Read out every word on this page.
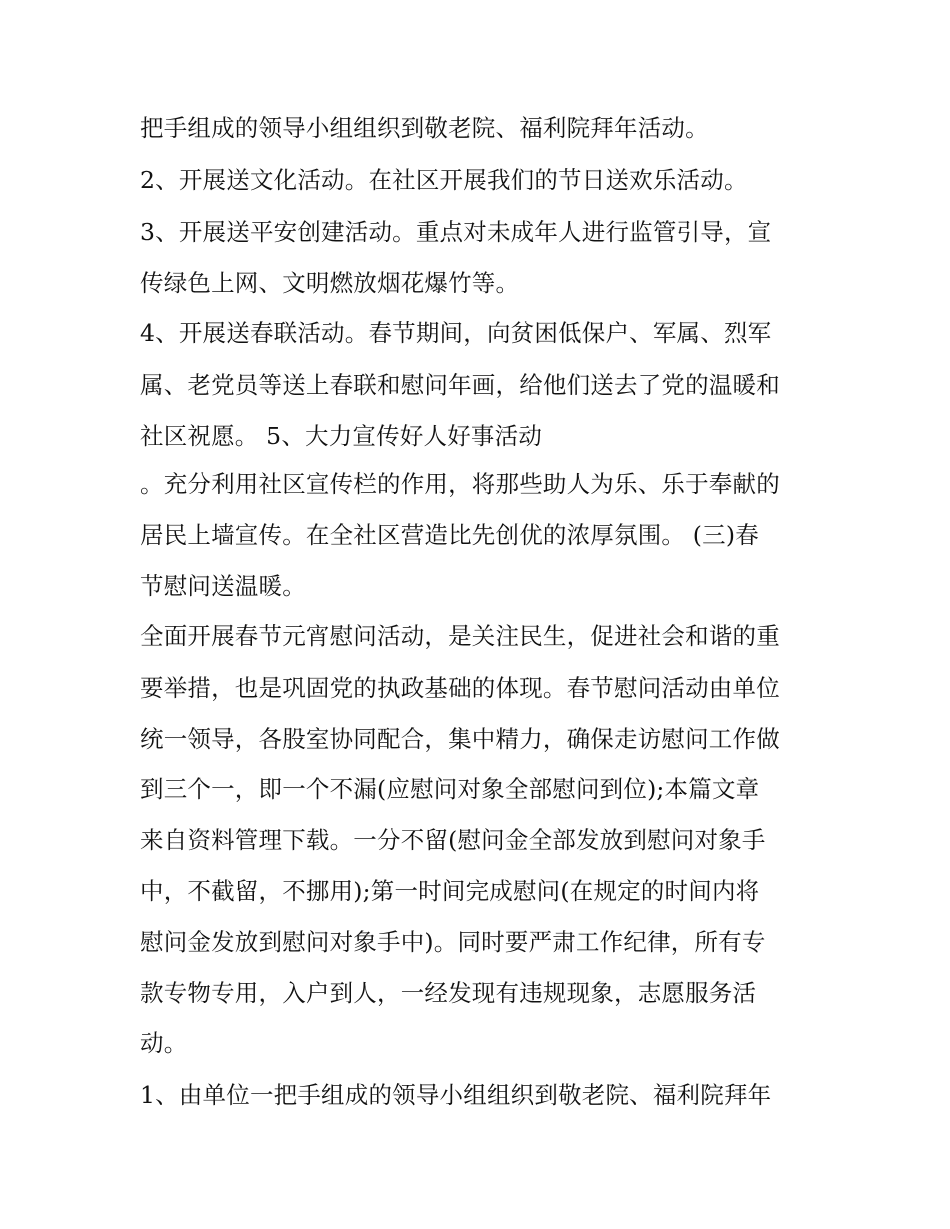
把手组成的领导小组组织到敬老院、福利院拜年活动。
2、开展送文化活动。在社区开展我们的节日送欢乐活动。
3、开展送平安创建活动。重点对未成年人进行监管引导，宣
传绿色上网、文明燃放烟花爆竹等。
4、开展送春联活动。春节期间，向贫困低保户、军属、烈军
属、老党员等送上春联和慰问年画，给他们送去了党的温暖和
社区祝愿。 5、大力宣传好人好事活动
。充分利用社区宣传栏的作用，将那些助人为乐、乐于奉献的
居民上墙宣传。在全社区营造比先创优的浓厚氛围。 (三)春
节慰问送温暖。
全面开展春节元宵慰问活动，是关注民生，促进社会和谐的重
要举措，也是巩固党的执政基础的体现。春节慰问活动由单位
统一领导，各股室协同配合，集中精力，确保走访慰问工作做
到三个一，即一个不漏(应慰问对象全部慰问到位);本篇文章
来自资料管理下载。一分不留(慰问金全部发放到慰问对象手
中，不截留，不挪用);第一时间完成慰问(在规定的时间内将
慰问金发放到慰问对象手中)。同时要严肃工作纪律，所有专
款专物专用，入户到人，一经发现有违规现象，志愿服务活
动。
1、由单位一把手组成的领导小组组织到敬老院、福利院拜年
